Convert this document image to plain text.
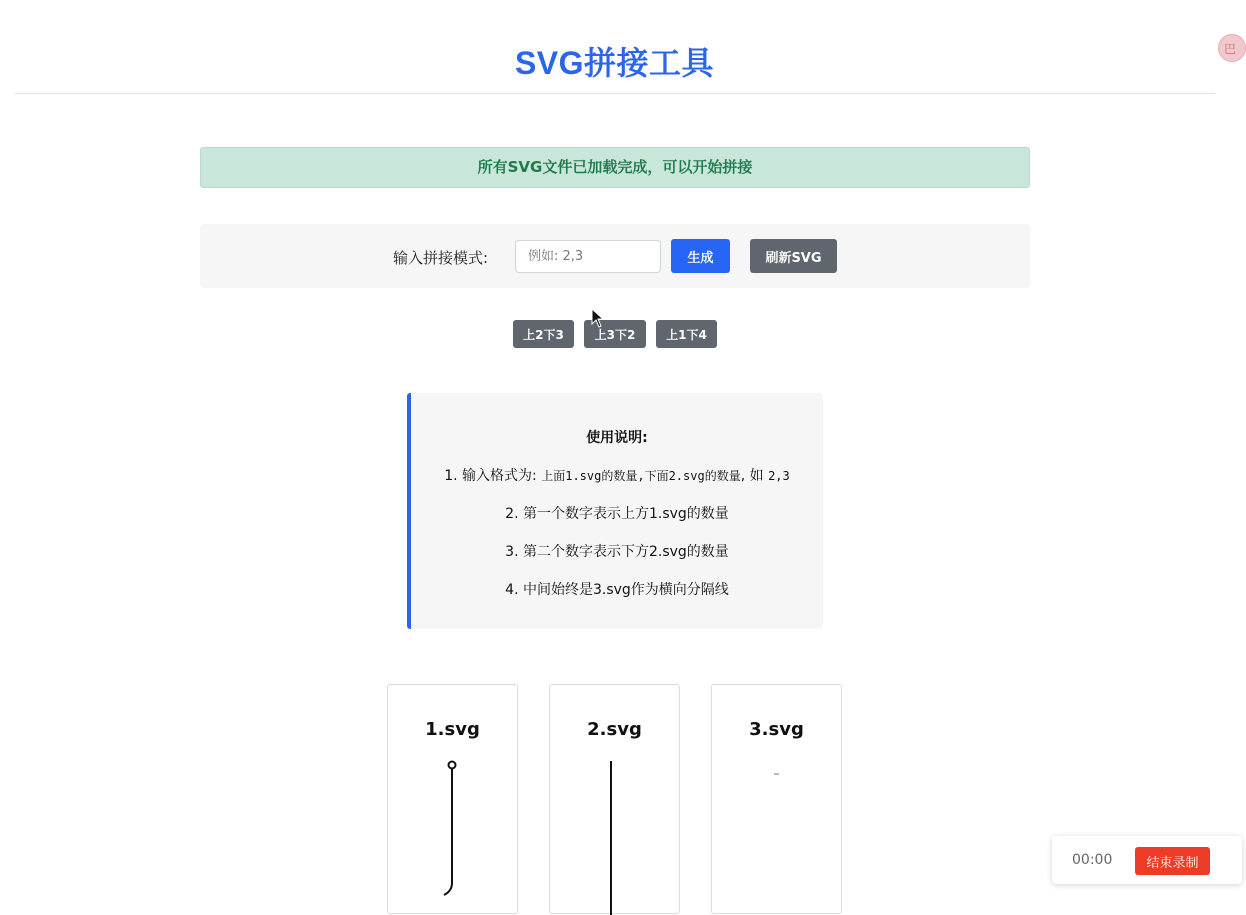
SVG拼接工具	巴
所有SVG文件已加载完成，可以开始拼接
输入拼接模式:
例如: 2,3	生成	刷新SVG
上2下3	上3下2	上1下4
使用说明:
1. 输入格式为: 上面1.svg的数量,下面2.svg的数量, 如 2,3
2. 第一个数字表示上方1.svg的数量
3. 第二个数字表示下方2.svg的数量
4. 中间始终是3.svg作为横向分隔线
1.svg	2.svg	3.svg
00:00	结束录制
